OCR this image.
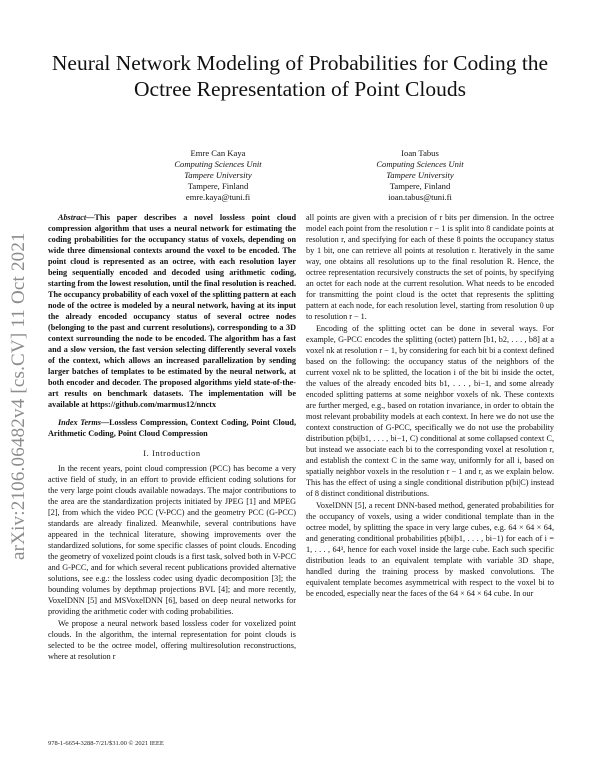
Neural Network Modeling of Probabilities for Coding the Octree Representation of Point Clouds
Emre Can Kaya
Computing Sciences Unit
Tampere University
Tampere, Finland
emre.kaya@tuni.fi
Ioan Tabus
Computing Sciences Unit
Tampere University
Tampere, Finland
ioan.tabus@tuni.fi
arXiv:2106.06482v4 [cs.CV] 11 Oct 2021

Abstract—This paper describes a novel lossless point cloud compression algorithm that uses a neural network for estimating the coding probabilities for the occupancy status of voxels, depending on wide three dimensional contexts around the voxel to be encoded. The point cloud is represented as an octree, with each resolution layer being sequentially encoded and decoded using arithmetic coding, starting from the lowest resolution, until the final resolution is reached. The occupancy probability of each voxel of the splitting pattern at each node of the octree is modeled by a neural network, having at its input the already encoded occupancy status of several octree nodes (belonging to the past and current resolutions), corresponding to a 3D context surrounding the node to be encoded. The algorithm has a fast and a slow version, the fast version selecting differently several voxels of the context, which allows an increased parallelization by sending larger batches of templates to be estimated by the neural network, at both encoder and decoder. The proposed algorithms yield state-of-the-art results on benchmark datasets. The implementation will be available at https://github.com/marmus12/nnctx

Index Terms—Lossless Compression, Context Coding, Point Cloud, Arithmetic Coding, Point Cloud Compression

I. Introduction

In the recent years, point cloud compression (PCC) has become a very active field of study, in an effort to provide efficient coding solutions for the very large point clouds available nowadays. The major contributions to the area are the standardization projects initiated by JPEG [1] and MPEG [2], from which the video PCC (V-PCC) and the geometry PCC (G-PCC) standards are already finalized. Meanwhile, several contributions have appeared in the technical literature, showing improvements over the standardized solutions, for some specific classes of point clouds. Encoding the geometry of voxelized point clouds is a first task, solved both in V-PCC and G-PCC, and for which several recent publications provided alternative solutions, see e.g.: the lossless codec using dyadic decomposition [3]; the bounding volumes by depthmap projections BVL [4]; and more recently, VoxelDNN [5] and MSVoxelDNN [6], based on deep neural networks for providing the arithmetic coder with coding probabilities.

We propose a neural network based lossless coder for voxelized point clouds. In the algorithm, the internal representation for point clouds is selected to be the octree model, offering multiresolution reconstructions, where at resolution r

all points are given with a precision of r bits per dimension. In the octree model each point from the resolution r − 1 is split into 8 candidate points at resolution r, and specifying for each of these 8 points the occupancy status by 1 bit, one can retrieve all points at resolution r. Iteratively in the same way, one obtains all resolutions up to the final resolution R. Hence, the octree representation recursively constructs the set of points, by specifying an octet for each node at the current resolution. What needs to be encoded for transmitting the point cloud is the octet that represents the splitting pattern at each node, for each resolution level, starting from resolution 0 up to resolution r − 1.

Encoding of the splitting octet can be done in several ways. For example, G-PCC encodes the splitting (octet) pattern [b1, b2, . . . , b8] at a voxel nk at resolution r − 1, by considering for each bit bi a context defined based on the following: the occupancy status of the neighbors of the current voxel nk to be splitted, the location i of the bit bi inside the octet, the values of the already encoded bits b1, . . . , bi−1, and some already encoded splitting patterns at some neighbor voxels of nk. These contexts are further merged, e.g., based on rotation invariance, in order to obtain the most relevant probability models at each context. In here we do not use the context construction of G-PCC, specifically we do not use the probability distribution p(bi|b1, . . . , bi−1, C) conditional at some collapsed context C, but instead we associate each bi to the corresponding voxel at resolution r, and establish the context C in the same way, uniformly for all i, based on spatially neighbor voxels in the resolution r − 1 and r, as we explain below. This has the effect of using a single conditional distribution p(bi|C) instead of 8 distinct conditional distributions.

VoxelDNN [5], a recent DNN-based method, generated probabilities for the occupancy of voxels, using a wider conditional template than in the octree model, by splitting the space in very large cubes, e.g. 64 × 64 × 64, and generating conditional probabilities p(bi|b1, . . . , bi−1) for each of i = 1, . . . , 64³, hence for each voxel inside the large cube. Each such specific distribution leads to an equivalent template with variable 3D shape, handled during the training process by masked convolutions. The equivalent template becomes asymmetrical with respect to the voxel bi to be encoded, especially near the faces of the 64 × 64 × 64 cube. In our

978-1-6654-3288-7/21/$31.00 © 2021 IEEE
